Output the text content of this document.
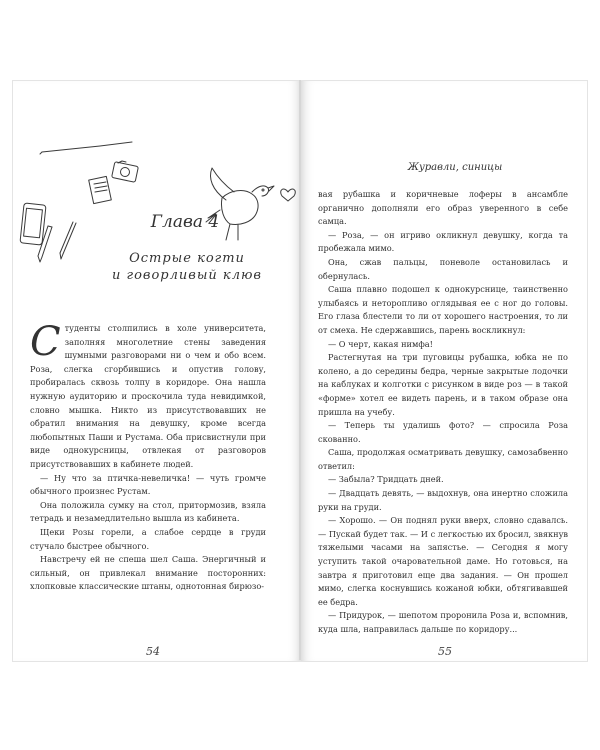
Глава 4
Острые когти
и говорливый клюв

Студенты столпились в холе университета, заполняя многолетние стены заведения шумными разговорами ни о чем и обо всем. Роза, слегка сгорбившись и опустив голову, пробиралась сквозь толпу в коридоре. Она нашла нужную аудиторию и проскочила туда невидимкой, словно мышка. Никто из присутствовавших не обратил внимания на девушку, кроме всегда любопытных Паши и Рустама. Оба присвистнули при виде однокурсницы, отвлекая от разговоров присутствовавших в кабинете людей.

— Ну что за птичка-невеличка! — чуть громче обычного произнес Рустам.

Она положила сумку на стол, притормозив, взяла тетрадь и незамедлительно вышла из кабинета.

Щеки Розы горели, а слабое сердце в груди стучало быстрее обычного.

Навстречу ей не спеша шел Саша. Энергичный и сильный, он привлекал внимание посторонних: хлопковые классические штаны, однотонная бирюзо-

54
Журавли, синицы

вая рубашка и коричневые лоферы в ансамбле органично дополняли его образ уверенного в себе самца.

— Роза, — он игриво окликнул девушку, когда та пробежала мимо.

Она, сжав пальцы, поневоле остановилась и обернулась.

Саша плавно подошел к однокурснице, таинственно улыбаясь и неторопливо оглядывая ее с ног до головы. Его глаза блестели то ли от хорошего настроения, то ли от смеха. Не сдержавшись, парень воскликнул:

— О черт, какая нимфа!

Растегнутая на три пуговицы рубашка, юбка не по колено, а до середины бедра, черные закрытые лодочки на каблуках и колготки с рисунком в виде роз — в такой «форме» хотел ее видеть парень, и в таком образе она пришла на учебу.

— Теперь ты удалишь фото? — спросила Роза скованно.

Саша, продолжая осматривать девушку, самозабвенно ответил:

— Забыла? Тридцать дней.

— Двадцать девять, — выдохнув, она инертно сложила руки на груди.

— Хорошо. — Он поднял руки вверх, словно сдавалсь. — Пускай будет так. — И с легкостью их бросил, звякнув тяжелыми часами на запястье. — Сегодня я могу уступить такой очаровательной даме. Но готовься, на завтра я приготовил еще два задания. — Он прошел мимо, слегка коснувшись кожаной юбки, обтягивавшей ее бедра.

— Придурок, — шепотом проронила Роза и, вспомнив, куда шла, направилась дальше по коридору...

55
